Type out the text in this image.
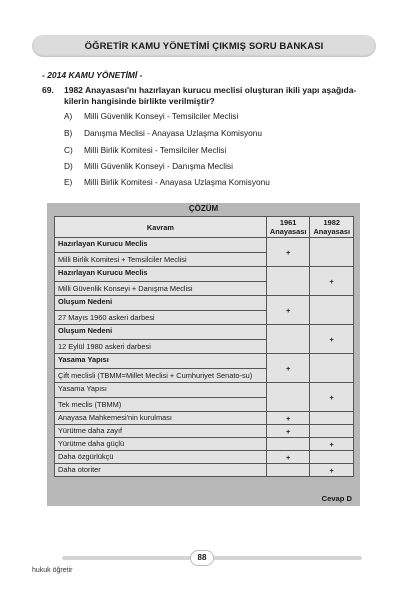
ÖĞRETİR KAMU YÖNETİMİ ÇIKMIŞ SORU BANKASI
- 2014 KAMU YÖNETİMİ -
69. 1982 Anayasası'nı hazırlayan kurucu meclisi oluşturan ikili yapı aşağıda-kilerin hangisinde birlikte verilmiştir?
A) Milli Güvenlik Konseyi - Temsilciler Meclisi
B) Danışma Meclisi - Anayasa Uzlaşma Komisyonu
C) Milli Birlik Komitesi - Temsilciler Meclisi
D) Milli Güvenlik Konseyi - Danışma Meclisi
E) Milli Birlik Komitesi - Anayasa Uzlaşma Komisyonu
ÇÖZÜM
Kavram	1961 Anayasası	1982 Anayasası

Hazırlayan Kurucu Meclis
Milli Birlik Komitesi + Temsilciler Meclisi	+	

Hazırlayan Kurucu Meclis
Milli Güvenlik Konseyi + Danışma Meclisi		+

Oluşum Nedeni
27 Mayıs 1960 askeri darbesi	+	

Oluşum Nedeni
12 Eylül 1980 askeri darbesi		+

Yasama Yapısı
Çift meclisli (TBMM=Millet Meclisi + Cumhuriyet Senato-su)	+	

Yasama Yapısı
Tek meclis (TBMM)		+
Anayasa Mahkemesi'nin kurulması	+	
Yürütme daha zayıf	+	
Yürütme daha güçlü		+
Daha özgürlükçü	+	
Daha otoriter		+
Cevap D
88
hukuk öğretir
